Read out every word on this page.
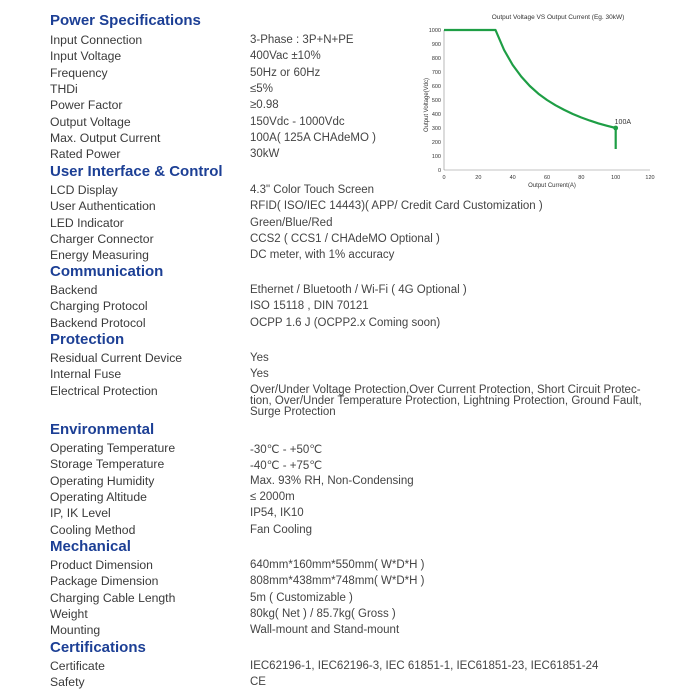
Power Specifications
Input Connection	3-Phase : 3P+N+PE
Input Voltage	400Vac ±10%
Frequency	50Hz or 60Hz
THDi	≤5%
Power Factor	≥0.98
Output Voltage	150Vdc - 1000Vdc
Max. Output Current	100A( 125A CHAdeMO )
Rated Power	30kW
User Interface & Control
LCD Display	4.3" Color Touch Screen
User Authentication	RFID( ISO/IEC 14443)( APP/ Credit Card Customization )
LED Indicator	Green/Blue/Red
Charger Connector	CCS2 ( CCS1 / CHAdeMO Optional )
Energy Measuring	DC meter, with 1% accuracy
Communication
Backend	Ethernet / Bluetooth / Wi-Fi ( 4G Optional )
Charging Protocol	ISO 15118 , DIN 70121
Backend Protocol	OCPP 1.6 J (OCPP2.x Coming soon)
Protection
Residual Current Device	Yes
Internal Fuse	Yes
Electrical Protection	Over/Under Voltage Protection,Over Current Protection, Short Circuit Protec-tion, Over/Under Temperature Protection, Lightning Protection, Ground Fault, Surge Protection
Environmental
Operating Temperature	-30℃ - +50℃
Storage Temperature	-40℃ - +75℃
Operating Humidity	Max. 93% RH, Non-Condensing
Operating Altitude	≤ 2000m
IP, IK Level	IP54, IK10
Cooling Method	Fan Cooling
Mechanical
Product Dimension	640mm*160mm*550mm( W*D*H )
Package Dimension	808mm*438mm*748mm( W*D*H )
Charging Cable Length	5m ( Customizable )
Weight	80kg( Net ) / 85.7kg( Gross )
Mounting	Wall-mount and Stand-mount
Certifications
Certificate	IEC62196-1, IEC62196-3, IEC 61851-1, IEC61851-23, IEC61851-24
Safety	CE
Output Voltage VS Output Current (Eg. 30kW)
0	20	40	60	80	100	120
0
100
200
300
400
500
600
700
800
900
1000
100A
Output Current(A)
Output Voltage(Vdc)
